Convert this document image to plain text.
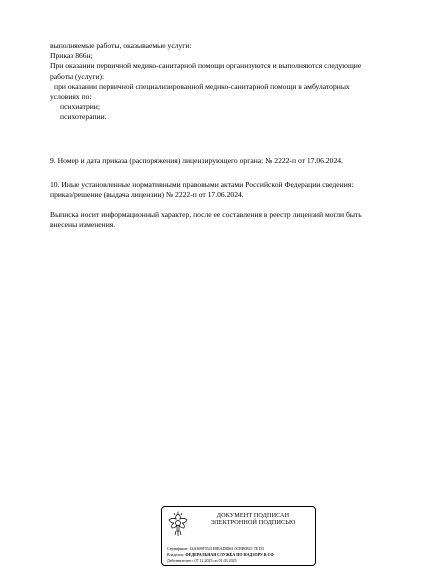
выполняемые работы, оказываемые услуги:
Приказ 866н;
При оказании первичной медико-санитарной помощи организуются и выполняются следующие
работы (услуги):
при оказании первичной специализированной медико-санитарной помощи в амбулаторных
условиях по:
психиатрии;
психотерапии.
9. Номер и дата приказа (распоряжения) лицензирующего органа: № 2222-п от 17.06.2024.
10. Иные установленные нормативными правовыми актами Российской Федерации сведения:
приказ/решение (выдача лицензии) № 2222-п от 17.06.2024.
Выписка носит информационный характер, после ее составления в реестр лицензий могли быть
внесены изменения.
ДОКУМЕНТ ПОДПИСАН
ЭЛЕКТРОННОЙ ПОДПИСЬЮ
Сертификат: 44A369F5521E0BAD8861 0CBB0825 7E D3
Владелец: ФЕДЕРАЛЬНАЯ СЛУЖБА ПО НАДЗОРУ В СФ
Действителен с 07.12.2023 по 01.03.2025
